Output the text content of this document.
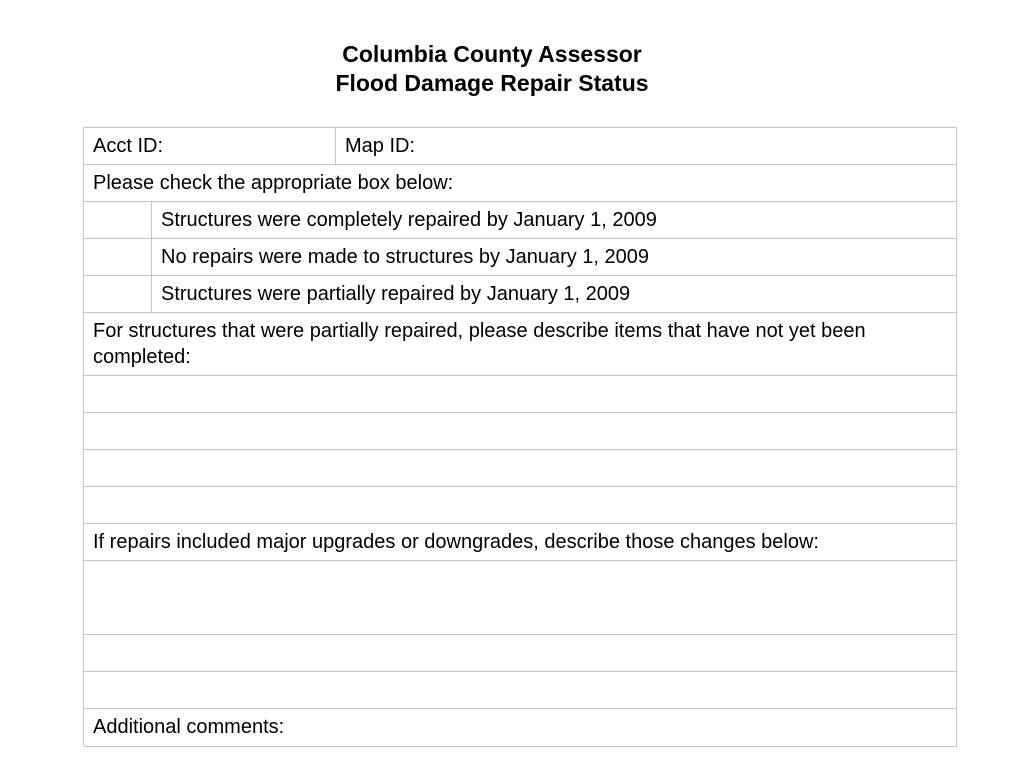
Columbia County Assessor
Flood Damage Repair Status
Acct ID:	Map ID:
Please check the appropriate box below:
Structures were completely repaired by January 1, 2009
No repairs were made to structures by January 1, 2009
Structures were partially repaired by January 1, 2009
For structures that were partially repaired, please describe items that have not yet been completed:
If repairs included major upgrades or downgrades, describe those changes below:
Additional comments:
